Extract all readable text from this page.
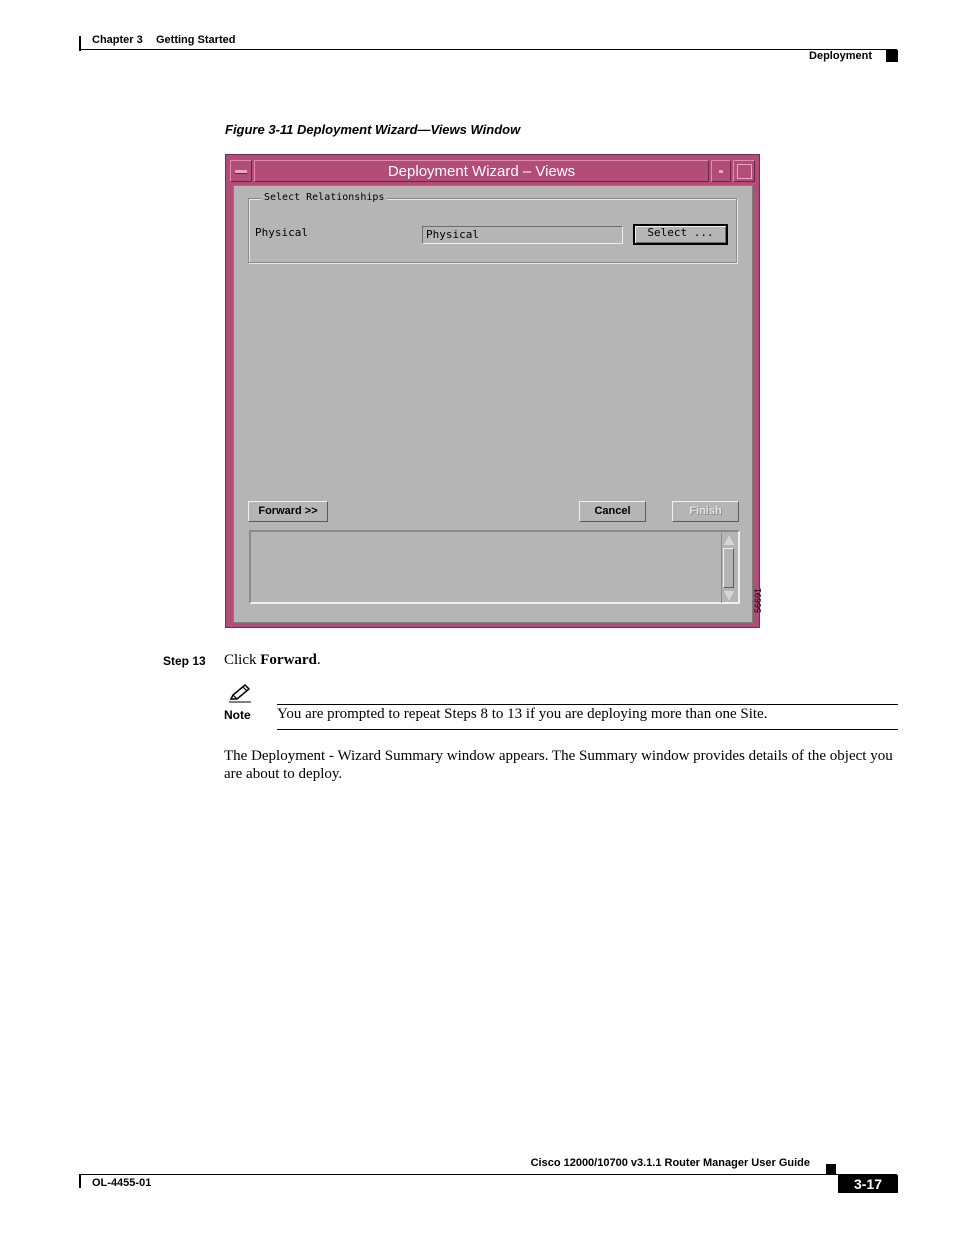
Chapter 3 Getting Started
Deployment
Figure 3-11 Deployment Wizard—Views Window
Deployment Wizard – Views
Select Relationships
Physical	Physical	Select ...
Forward >>	Cancel	Finish
56691
Step 13 Click Forward.
Note You are prompted to repeat Steps 8 to 13 if you are deploying more than one Site.
The Deployment - Wizard Summary window appears. The Summary window provides details of the object you are about to deploy.
Cisco 12000/10700 v3.1.1 Router Manager User Guide
OL-4455-01	3-17
